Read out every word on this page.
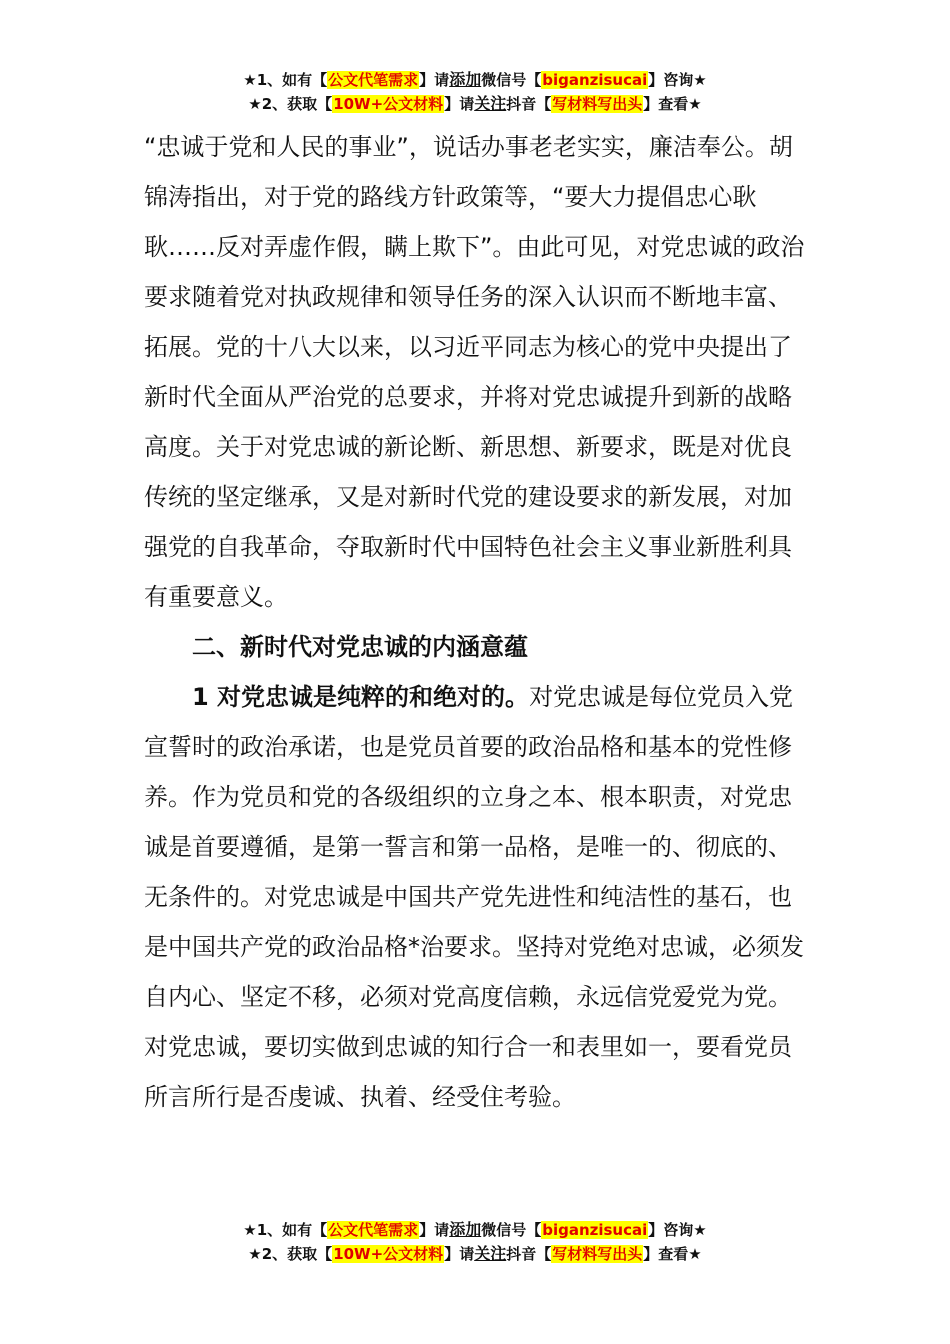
★1、如有【公文代笔需求】请添加微信号【biganzisucai】咨询★
★2、获取【10W+公文材料】请关注抖音【写材料写出头】查看★

“忠诚于党和人民的事业”，说话办事老老实实，廉洁奉公。胡锦涛指出，对于党的路线方针政策等，“要大力提倡忠心耿耿……反对弄虚作假，瞒上欺下”。由此可见，对党忠诚的政治要求随着党对执政规律和领导任务的深入认识而不断地丰富、拓展。党的十八大以来，以习近平同志为核心的党中央提出了新时代全面从严治党的总要求，并将对党忠诚提升到新的战略高度。关于对党忠诚的新论断、新思想、新要求，既是对优良传统的坚定继承，又是对新时代党的建设要求的新发展，对加强党的自我革命，夺取新时代中国特色社会主义事业新胜利具有重要意义。

二、新时代对党忠诚的内涵意蕴

1 对党忠诚是纯粹的和绝对的。对党忠诚是每位党员入党宣誓时的政治承诺，也是党员首要的政治品格和基本的党性修养。作为党员和党的各级组织的立身之本、根本职责，对党忠诚是首要遵循，是第一誓言和第一品格，是唯一的、彻底的、无条件的。对党忠诚是中国共产党先进性和纯洁性的基石，也是中国共产党的政治品格*治要求。坚持对党绝对忠诚，必须发自内心、坚定不移，必须对党高度信赖，永远信党爱党为党。对党忠诚，要切实做到忠诚的知行合一和表里如一，要看党员所言所行是否虔诚、执着、经受住考验。

★1、如有【公文代笔需求】请添加微信号【biganzisucai】咨询★
★2、获取【10W+公文材料】请关注抖音【写材料写出头】查看★
